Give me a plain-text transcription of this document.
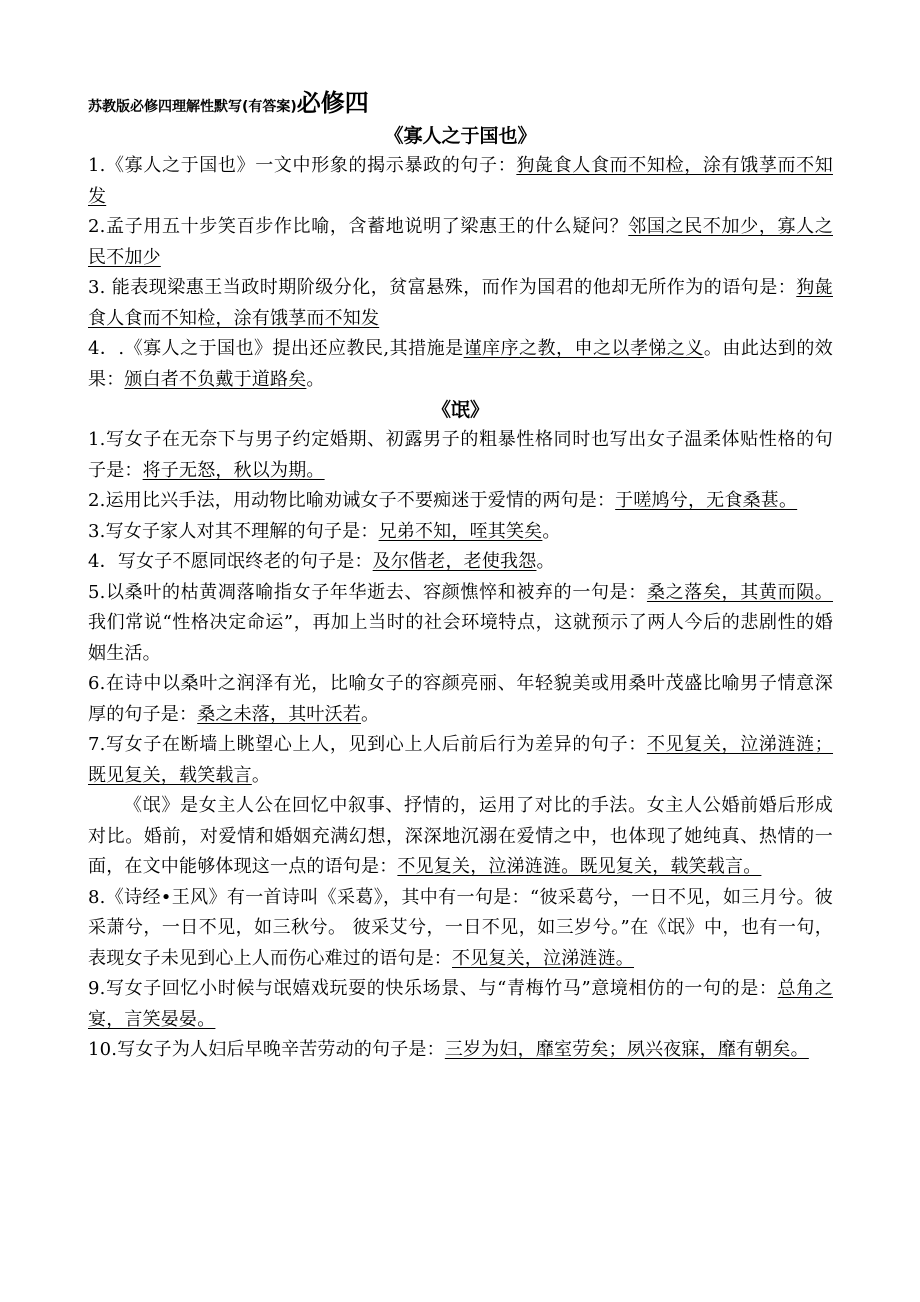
苏教版必修四理解性默写(有答案)必修四
《寡人之于国也》
1.《寡人之于国也》一文中形象的揭示暴政的句子：狗彘食人食而不知检，涂有饿莩而不知发
2.孟子用五十步笑百步作比喻，含蓄地说明了梁惠王的什么疑问？邻国之民不加少，寡人之民不加少
3. 能表现梁惠王当政时期阶级分化，贫富悬殊，而作为国君的他却无所作为的语句是：狗彘食人食而不知检，涂有饿莩而不知发
4．.《寡人之于国也》提出还应教民,其措施是谨庠序之教，申之以孝悌之义。由此达到的效果：颁白者不负戴于道路矣。
《氓》
1.写女子在无奈下与男子约定婚期、初露男子的粗暴性格同时也写出女子温柔体贴性格的句子是：将子无怒，秋以为期。
2.运用比兴手法，用动物比喻劝诫女子不要痴迷于爱情的两句是：于嗟鸠兮，无食桑葚。
3.写女子家人对其不理解的句子是：兄弟不知，咥其笑矣。
4．写女子不愿同氓终老的句子是：及尔偕老，老使我怨。
5.以桑叶的枯黄凋落喻指女子年华逝去、容颜憔悴和被弃的一句是：桑之落矣，其黄而陨。我们常说“性格决定命运”，再加上当时的社会环境特点，这就预示了两人今后的悲剧性的婚姻生活。
6.在诗中以桑叶之润泽有光，比喻女子的容颜亮丽、年轻貌美或用桑叶茂盛比喻男子情意深厚的句子是：桑之未落，其叶沃若。
7.写女子在断墙上眺望心上人，见到心上人后前后行为差异的句子：不见复关，泣涕涟涟；既见复关，载笑载言。
《氓》是女主人公在回忆中叙事、抒情的，运用了对比的手法。女主人公婚前婚后形成对比。婚前，对爱情和婚姻充满幻想，深深地沉溺在爱情之中，也体现了她纯真、热情的一面，在文中能够体现这一点的语句是：不见复关，泣涕涟涟。既见复关，载笑载言。
8.《诗经•王风》有一首诗叫《采葛》，其中有一句是：“彼采葛兮，一日不见，如三月兮。彼采萧兮，一日不见，如三秋兮。 彼采艾兮，一日不见，如三岁兮。”在《氓》中，也有一句，表现女子未见到心上人而伤心难过的语句是：不见复关，泣涕涟涟。
9.写女子回忆小时候与氓嬉戏玩耍的快乐场景、与“青梅竹马”意境相仿的一句的是：总角之宴，言笑晏晏。
10.写女子为人妇后早晚辛苦劳动的句子是：三岁为妇，靡室劳矣；夙兴夜寐，靡有朝矣。
